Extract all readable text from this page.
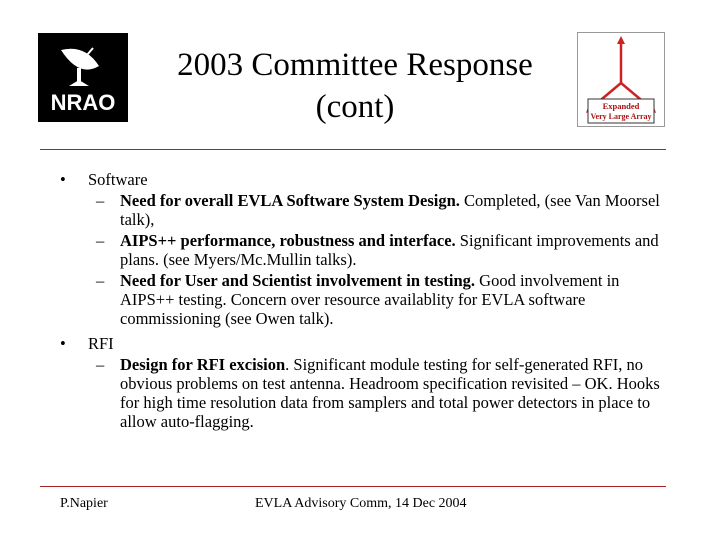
NRAO
2003 Committee Response
(cont)	Expanded
Very Large Array
• Software
– Need for overall EVLA Software System Design. Completed, (see Van Moorsel talk),
– AIPS++ performance, robustness and interface. Significant improvements and plans. (see Myers/Mc.Mullin talks).
– Need for User and Scientist involvement in testing. Good involvement in AIPS++ testing. Concern over resource availablity for EVLA software commissioning (see Owen talk).
• RFI
– Design for RFI excision. Significant module testing for self-generated RFI, no obvious problems on test antenna. Headroom specification revisited – OK. Hooks for high time resolution data from samplers and total power detectors in place to allow auto-flagging.
P.Napier	EVLA Advisory Comm, 14 Dec 2004
